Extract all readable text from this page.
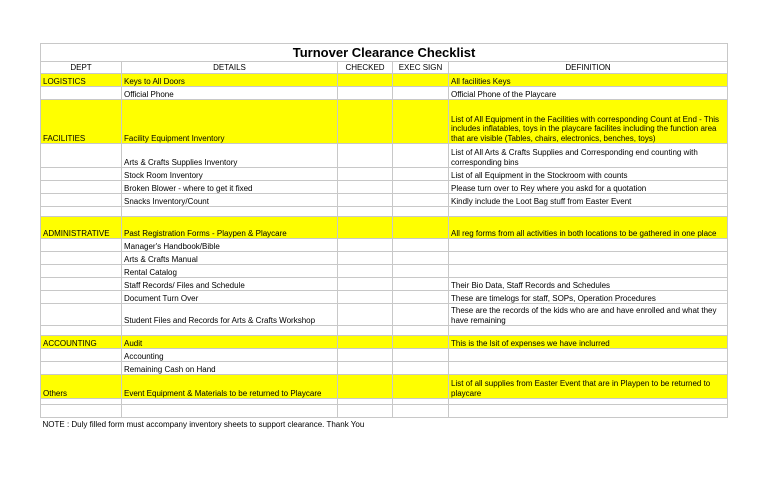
Turnover Clearance Checklist				
DEPT	DETAILS	CHECKED	EXEC SIGN	DEFINITION
LOGISTICS	Keys to All Doors			All facilities Keys
	Official Phone			Official Phone of the Playcare
FACILITIES	Facility Equipment Inventory			List of All Equipment in the Facilities with corresponding Count at End - This includes inflatables, toys in the playcare facilites including the function area that are visible (Tables, chairs, electronics, benches, toys)
	Arts & Crafts Supplies Inventory			List of All Arts & Crafts Supplies and Corresponding end counting with corresponding bins
	Stock Room Inventory			List of all Equipment in the Stockroom with counts
	Broken Blower - where to get it fixed			Please turn over to Rey where you askd for a quotation
	Snacks Inventory/Count			Kindly include the Loot Bag stuff from Easter Event

ADMINISTRATIVE	Past Registration Forms - Playpen & Playcare			All reg forms from all activities in both locations to be gathered in one place
	Manager's Handbook/Bible			
	Arts & Crafts Manual			
	Rental Catalog			
	Staff Records/ Files and Schedule			Their Bio Data, Staff Records and Schedules
	Document Turn Over			These are timelogs for staff, SOPs, Operation Procedures
	Student Files and Records for Arts & Crafts Workshop			These are the records of the kids who are and have enrolled and what they have remaining

ACCOUNTING	Audit			This is the lsit of expenses we have inclurred
	Accounting			
	Remaining Cash on Hand			
Others	Event Equipment & Materials to be returned to Playcare			List of all supplies from Easter Event that are in Playpen to be returned to playcare

NOTE : Duly filled form must accompany inventory sheets to support clearance. Thank You				
